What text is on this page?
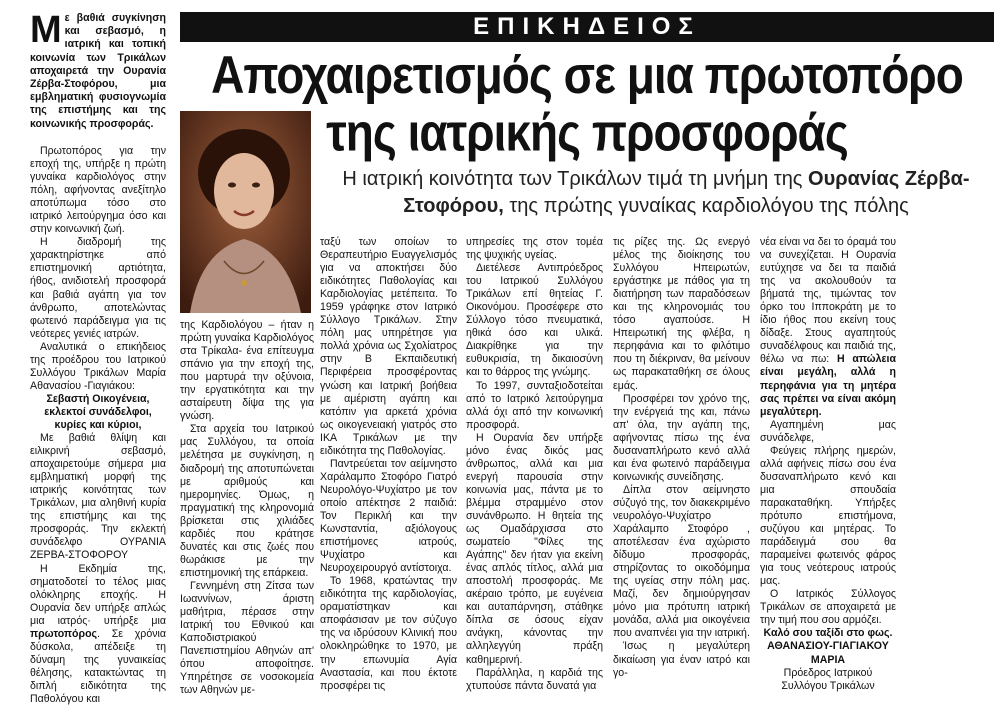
Με βαθιά συγκίνηση και σεβασμό, η ιατρική και τοπική κοινωνία των Τρικάλων αποχαιρετά την Ουρανία Ζέρβα-Στοφόρου, μια εμβληματική φυσιογνωμία της επιστήμης και της κοινωνικής προσφοράς.

Πρωτοπόρος για την εποχή της, υπήρξε η πρώτη γυναίκα καρδιολόγος στην πόλη, αφήνοντας ανεξίτηλο αποτύπωμα τόσο στο ιατρικό λειτούργημα όσο και στην κοινωνική ζωή.

Η διαδρομή της χαρακτηρίστηκε από επιστημονική αρτιότητα, ήθος, ανιδιοτελή προσφορά και βαθιά αγάπη για τον άνθρωπο, αποτελώντας φωτεινό παράδειγμα για τις νεότερες γενιές ιατρών.

Αναλυτικά ο επικήδειος της προέδρου του Ιατρικού Συλλόγου Τρικάλων Μαρία Αθανασίου -Γιαγιάκου:

Σεβαστή Οικογένεια, εκλεκτοί συνάδελφοι, κυρίες και κύριοι,

Με βαθιά θλίψη και ειλικρινή σεβασμό, αποχαιρετούμε σήμερα μια εμβληματική μορφή της ιατρικής κοινότητας των Τρικάλων, μια αληθινή κυρία της επιστήμης και της προσφοράς. Την εκλεκτή συνάδελφο ΟΥΡΑΝΙΑ ΖΕΡΒΑ-ΣΤΟΦΟΡΟΥ

Η Εκδημία της, σηματοδοτεί το τέλος μιας ολόκληρης εποχής. Η Ουρανία δεν υπήρξε απλώς μια ιατρός· υπήρξε μια πρωτοπόρος. Σε χρόνια δύσκολα, απέδειξε τη δύναμη της γυναικείας θέλησης, κατακτώντας τη διπλή ειδικότητα της Παθολόγου και

ΕΠΙΚΗΔΕΙΟΣ
Αποχαιρετισμός σε μια πρωτοπόρο
της ιατρικής προσφοράς
Η ιατρική κοινότητα των Τρικάλων τιμά τη μνήμη της Ουρανίας Ζέρβα-Στοφόρου, της πρώτης γυναίκας καρδιολόγου της πόλης

της Καρδιολόγου – ήταν η πρώτη γυναίκα Καρδιολόγος στα Τρίκαλα- ένα επίτευγμα σπάνιο για την εποχή της, που μαρτυρά την οξύνοια, την εργατικότητα και την ασταίρευτη δίψα της για γνώση.

Στα αρχεία του Ιατρικού μας Συλλόγου, τα οποία μελέτησα με συγκίνηση, η διαδρομή της αποτυπώνεται με αριθμούς και ημερομηνίες. Όμως, η πραγματική της κληρονομιά βρίσκεται στις χιλιάδες καρδιές που κράτησε δυνατές και στις ζωές που θωράκισε με την επιστημονική της επάρκεια.

Γεννημένη στη Ζίτσα των Ιωαννίνων, άριστη μαθήτρια, πέρασε στην Ιατρική του Εθνικού και Καποδιστριακού Πανεπιστημίου Αθηνών απ' όπου αποφοίτησε. Υπηρέτησε σε νοσοκομεία των Αθηνών με-

ταξύ των οποίων το Θεραπευτήριο Ευαγγελισμός για να αποκτήσει δύο ειδικότητες Παθολογίας και Καρδιολογίας μετέπειτα. Το 1959 γράφηκε στον Ιατρικό Σύλλογο Τρικάλων. Στην πόλη μας υπηρέτησε για πολλά χρόνια ως Σχολίατρος στην Β Εκπαιδευτική Περιφέρεια προσφέροντας γνώση και Ιατρική βοήθεια με αμέριστη αγάπη και κατόπιν για αρκετά χρόνια ως οικογενειακή γιατρός στο ΙΚΑ Τρικάλων με την ειδικότητα της Παθολογίας.

Παντρεύεται τον αείμνηστο Χαράλαμπο Στοφόρο Γιατρό Νευρολόγο-Ψυχίατρο με τον οποίο απέκτησε 2 παιδιά: Τον Περικλή και την Κωνσταντία, αξιόλογους επιστήμονες ιατρούς, Ψυχίατρο και Νευροχειρουργό αντίστοιχα.

Το 1968, κρατώντας την ειδικότητα της καρδιολογίας, οραματίστηκαν και αποφάσισαν με τον σύζυγο της να ιδρύσουν Κλινική που ολοκληρώθηκε το 1970, με την επωνυμία Αγία Αναστασία, και που έκτοτε προσφέρει τις

υπηρεσίες της στον τομέα της ψυχικής υγείας.

Διετέλεσε Αντιπρόεδρος του Ιατρικού Συλλόγου Τρικάλων επί θητείας Γ. Οικονόμου. Προσέφερε στο Σύλλογο τόσο πνευματικά, ηθικά όσο και υλικά. Διακρίθηκε για την ευθυκρισία, τη δικαιοσύνη και το θάρρος της γνώμης.

Το 1997, συνταξιοδοτείται από το Ιατρικό λειτούργημα αλλά όχι από την κοινωνική προσφορά.

Η Ουρανία δεν υπήρξε μόνο ένας δικός μας άνθρωπος, αλλά και μια ενεργή παρουσία στην κοινωνία μας, πάντα με το βλέμμα στραμμένο στον συνάνθρωπο. Η θητεία της ως Ομαδάρχισσα στο σωματείο "Φίλες της Αγάπης" δεν ήταν για εκείνη ένας απλός τίτλος, αλλά μια αποστολή προσφοράς. Με ακέραιο τρόπο, με ευγένεια και αυταπάρνηση, στάθηκε δίπλα σε όσους είχαν ανάγκη, κάνοντας την αλληλεγγύη πράξη καθημερινή.

Παράλληλα, η καρδιά της χτυπούσε πάντα δυνατά για

τις ρίζες της. Ως ενεργό μέλος της διοίκησης του Συλλόγου Ηπειρωτών, εργάστηκε με πάθος για τη διατήρηση των παραδόσεων και της κληρονομιάς του τόσο αγαπούσε. Η Ηπειρωτική της φλέβα, η περηφάνια και το φιλότιμο που τη διέκριναν, θα μείνουν ως παρακαταθήκη σε όλους εμάς.

Προσφέρει τον χρόνο της, την ενέργειά της και, πάνω απ' όλα, την αγάπη της, αφήνοντας πίσω της ένα δυσαναπλήρωτο κενό αλλά και ένα φωτεινό παράδειγμα κοινωνικής συνείδησης.

Δίπλα στον αείμνηστο σύζυγό της, τον διακεκριμένο νευρολόγο-Ψυχίατρο Χαράλαμπο Στοφόρο , αποτέλεσαν ένα αχώριστο δίδυμο προσφοράς, στηρίζοντας το οικοδόμημα της υγείας στην πόλη μας. Μαζί, δεν δημιούργησαν μόνο μια πρότυπη ιατρική μονάδα, αλλά μια οικογένεια που αναπνέει για την ιατρική.

Ίσως η μεγαλύτερη δικαίωση για έναν ιατρό και γο-

νέα είναι να δει το όραμά του να συνεχίζεται. Η Ουρανία ευτύχησε να δει τα παιδιά της να ακολουθούν τα βήματά της, τιμώντας τον όρκο του Ιπποκράτη με το ίδιο ήθος που εκείνη τους δίδαξε. Στους αγαπητούς συναδέλφους και παιδιά της, θέλω να πω: Η απώλεια είναι μεγάλη, αλλά η περηφάνια για τη μητέρα σας πρέπει να είναι ακόμη μεγαλύτερη.

Αγαπημένη μας συνάδελφε,

Φεύγεις πλήρης ημερών, αλλά αφήνεις πίσω σου ένα δυσαναπλήρωτο κενό και μια σπουδαία παρακαταθήκη. Υπήρξες πρότυπο επιστήμονα, συζύγου και μητέρας. Το παράδειγμά σου θα παραμείνει φωτεινός φάρος για τους νεότερους ιατρούς μας.

Ο Ιατρικός Σύλλογος Τρικάλων σε αποχαιρετά με την τιμή που σου αρμόζει.

Καλό σου ταξίδι στο φως.

ΑΘΑΝΑΣΙΟΥ-ΓΙΑΓΙΑΚΟΥ ΜΑΡΙΑ

Πρόεδρος Ιατρικού Συλλόγου Τρικάλων
